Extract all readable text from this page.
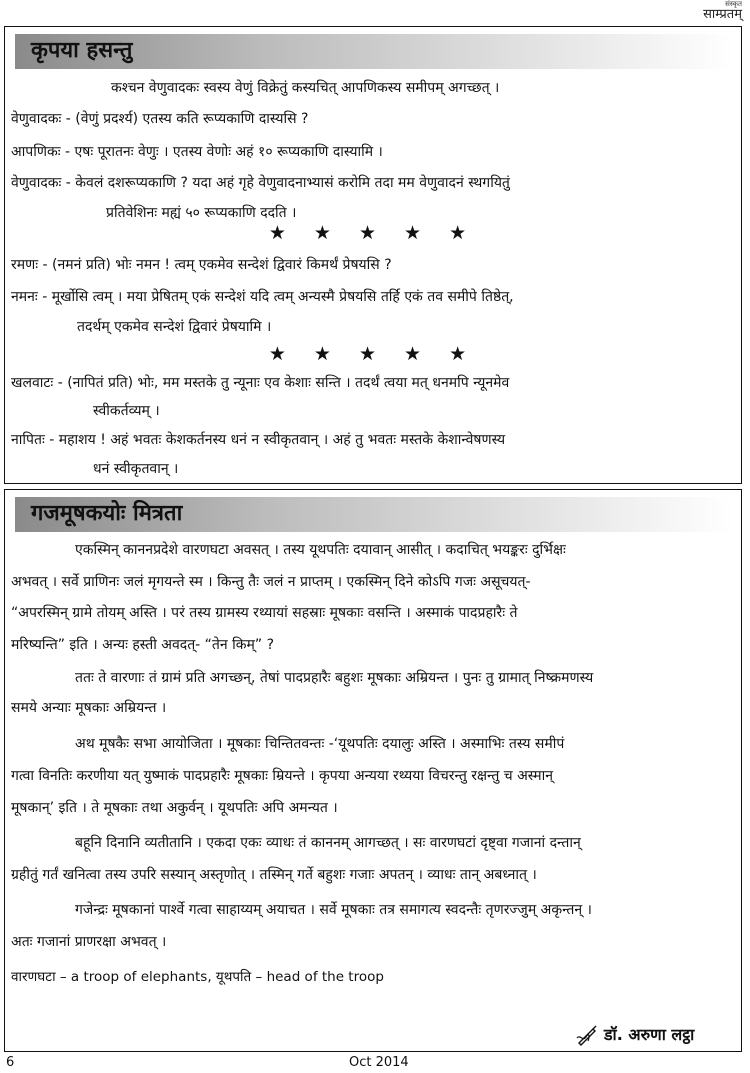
संस्कृत
साम्प्रतम्
कृपया हसन्तु
कश्चन वेणुवादकः स्वस्य वेणुं विक्रेतुं कस्यचित् आपणिकस्य समीपम् अगच्छत् ।
वेणुवादकः - (वेणुं प्रदर्श्य) एतस्य कति रूप्यकाणि दास्यसि ?
आपणिकः - एषः पूरातनः वेणुः । एतस्य वेणोः अहं १० रूप्यकाणि दास्यामि ।
वेणुवादकः - केवलं दशरूप्यकाणि ? यदा अहं गृहे वेणुवादनाभ्यासं करोमि तदा मम वेणुवादनं स्थगयितुं
प्रतिवेशिनः मह्यं ५० रूप्यकाणि ददति ।
★ ★ ★ ★ ★
रमणः - (नमनं प्रति) भोः नमन ! त्वम् एकमेव सन्देशं द्विवारं किमर्थं प्रेषयसि ?
नमनः - मूर्खोसि त्वम् । मया प्रेषितम् एकं सन्देशं यदि त्वम् अन्यस्मै प्रेषयसि तर्हि एकं तव समीपे तिष्ठेत्,
तदर्थम् एकमेव सन्देशं द्विवारं प्रेषयामि ।
★ ★ ★ ★ ★
खलवाटः - (नापितं प्रति) भोः, मम मस्तके तु न्यूनाः एव केशाः सन्ति । तदर्थं त्वया मत् धनमपि न्यूनमेव
स्वीकर्तव्यम् ।
नापितः - महाशय ! अहं भवतः केशकर्तनस्य धनं न स्वीकृतवान् । अहं तु भवतः मस्तके केशान्वेषणस्य
धनं स्वीकृतवान् ।
गजमूषकयोः मित्रता
एकस्मिन् काननप्रदेशे वारणघटा अवसत् । तस्य यूथपतिः दयावान् आसीत् । कदाचित् भयङ्करः दुर्भिक्षः
अभवत् । सर्वे प्राणिनः जलं मृगयन्ते स्म । किन्तु तैः जलं न प्राप्तम् । एकस्मिन् दिने कोऽपि गजः असूचयत्-
“अपरस्मिन् ग्रामे तोयम् अस्ति । परं तस्य ग्रामस्य रथ्यायां सहस्राः मूषकाः वसन्ति । अस्माकं पादप्रहारैः ते
मरिष्यन्ति” इति । अन्यः हस्ती अवदत्- “तेन किम्” ?
ततः ते वारणाः तं ग्रामं प्रति अगच्छन्, तेषां पादप्रहारैः बहुशः मूषकाः अम्रियन्त । पुनः तु ग्रामात् निष्क्रमणस्य
समये अन्याः मूषकाः अम्रियन्त ।
अथ मूषकैः सभा आयोजिता । मूषकाः चिन्तितवन्तः -‘यूथपतिः दयालुः अस्ति । अस्माभिः तस्य समीपं
गत्वा विनतिः करणीया यत् युष्माकं पादप्रहारैः मूषकाः म्रियन्ते । कृपया अन्यया रथ्यया विचरन्तु रक्षन्तु च अस्मान्
मूषकान्’ इति । ते मूषकाः तथा अकुर्वन् । यूथपतिः अपि अमन्यत ।
बहूनि दिनानि व्यतीतानि । एकदा एकः व्याधः तं काननम् आगच्छत् । सः वारणघटां दृष्ट्वा गजानां दन्तान्
ग्रहीतुं गर्तं खनित्वा तस्य उपरि सस्यान् अस्तृणोत् । तस्मिन् गर्ते बहुशः गजाः अपतन् । व्याधः तान् अबध्नात् ।
गजेन्द्रः मूषकानां पार्श्वे गत्वा साहाय्यम् अयाचत । सर्वे मूषकाः तत्र समागत्य स्वदन्तैः तृणरज्जुम् अकृन्तन् ।
अतः गजानां प्राणरक्षा अभवत् ।
वारणघटा – a troop of elephants, यूथपति – head of the troop
डॉ. अरुणा लट्ठा
6	Oct 2014
